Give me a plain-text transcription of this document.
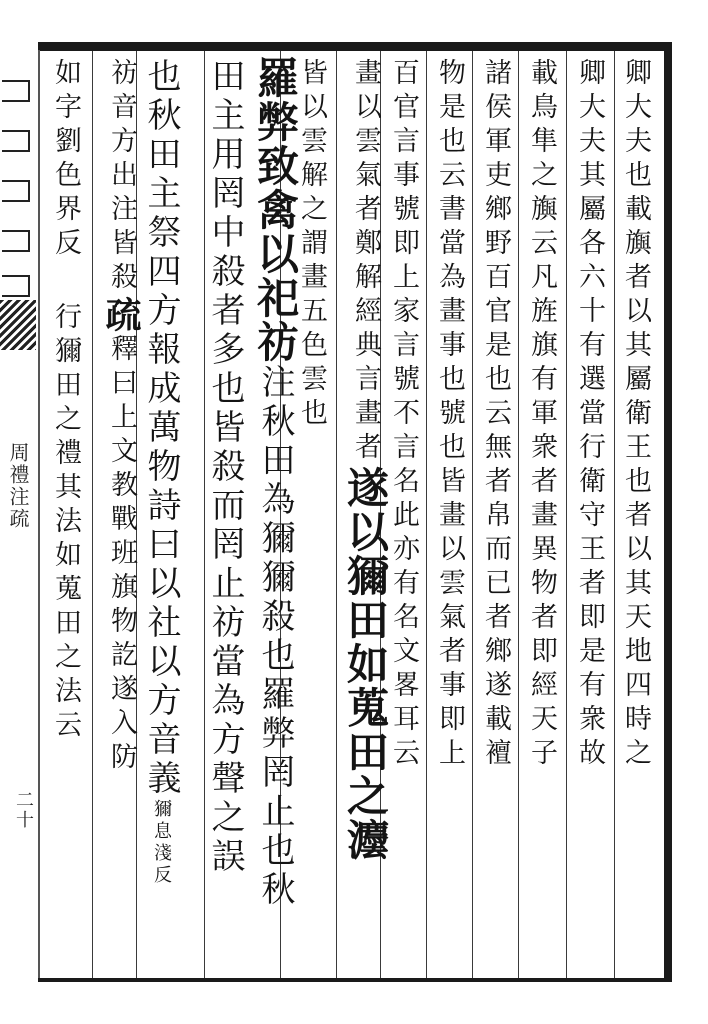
周禮注疏
二十
卿大夫也載旟者以其屬衛王也者以其天地四時之
卿大夫其屬各六十有選當行衛守王者即是有衆故
載鳥隼之旟云凡旌旗有軍衆者畫異物者即經天子
諸侯軍吏鄉野百官是也云無者帛而已者鄉遂載襢
物是也云書當為畫事也號也皆畫以雲氣者事即上
百官言事號即上家言號不言名此亦有名文畧耳云
畫以雲氣者鄭解經典言畫者遂以獮田如蒐田之灋
皆以雲解之謂畫五色雲也
羅弊致禽以祀祊注秋田為獮獮殺也羅弊罔止也秋
田主用罔中殺者多也皆殺而罔止祊當為方聲之誤
也秋田主祭四方報成萬物詩曰以社以方音義獮息淺反
祊音方出注皆殺疏釋曰上文教戰班旗物訖遂入防
如字劉色界反行獮田之禮其法如蒐田之法云
